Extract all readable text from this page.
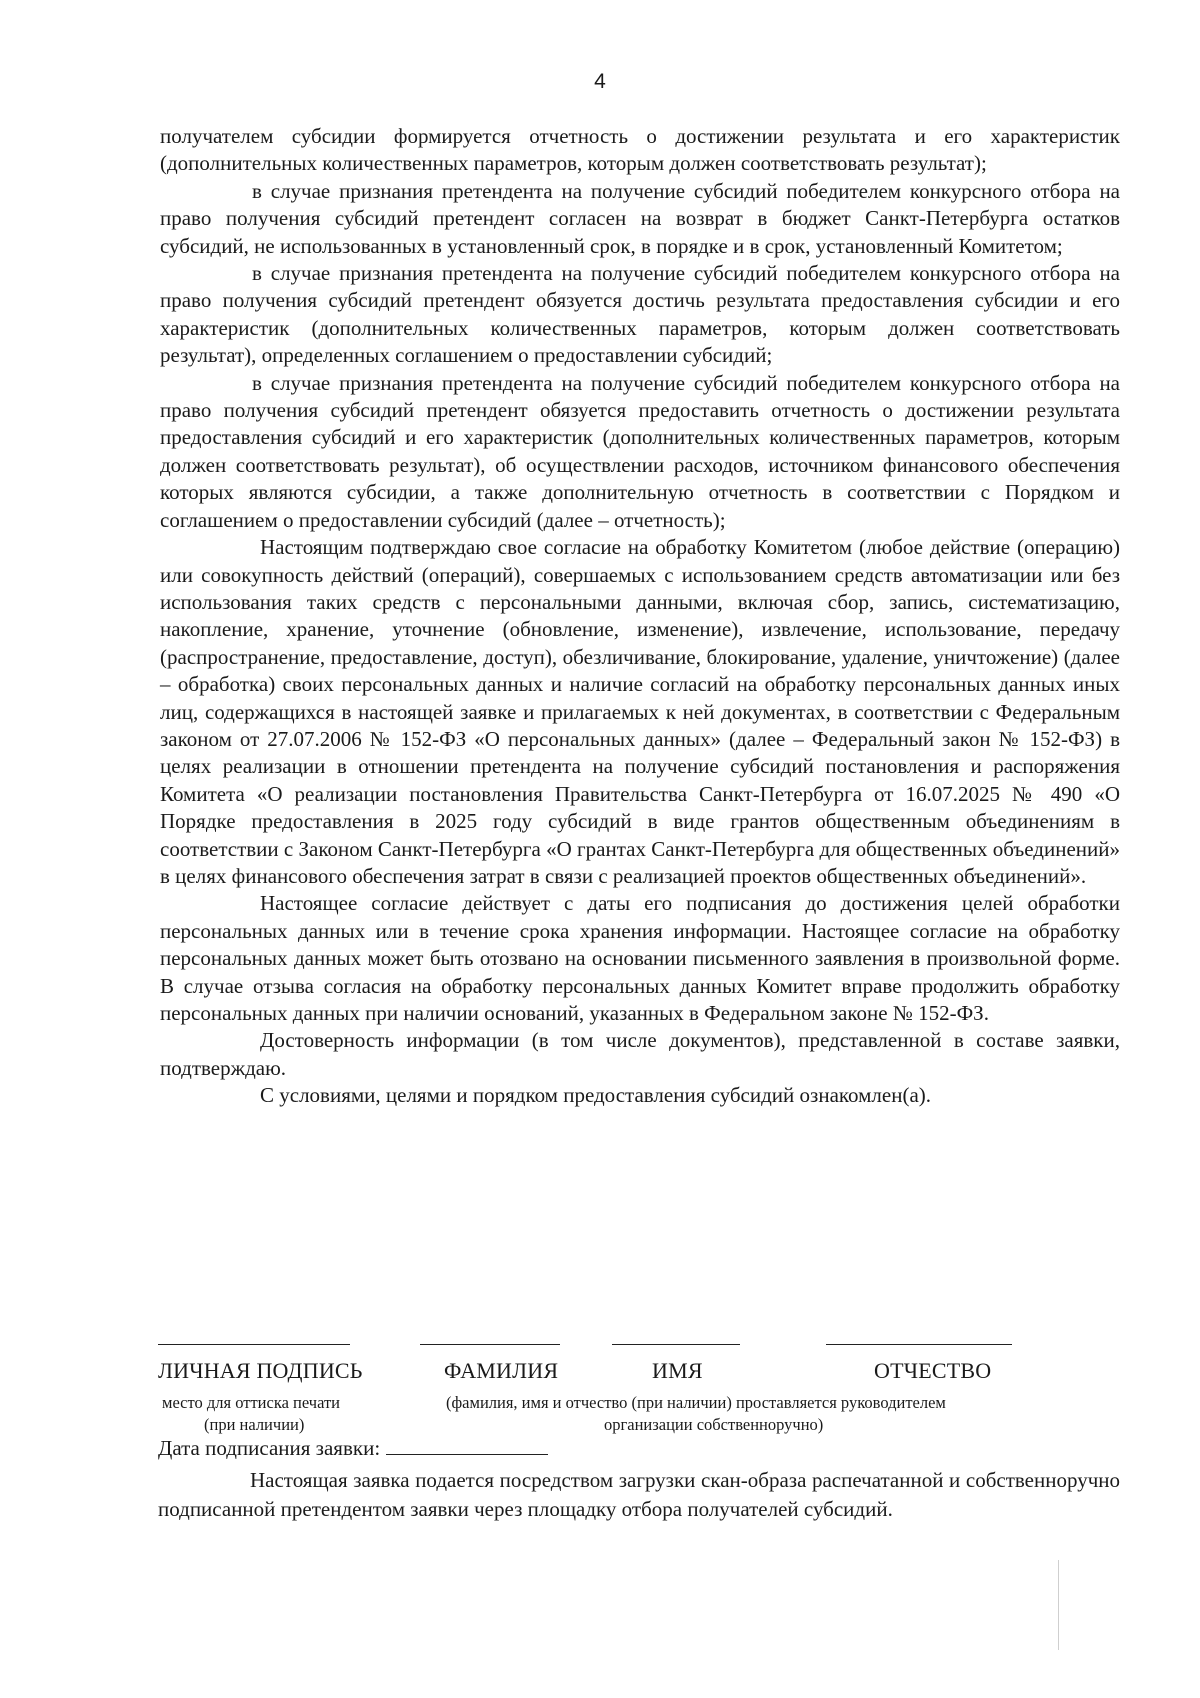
4

получателем субсидии формируется отчетность о достижении результата и его характеристик (дополнительных количественных параметров, которым должен соответствовать результат);

в случае признания претендента на получение субсидий победителем конкурсного отбора на право получения субсидий претендент согласен на возврат в бюджет Санкт-Петербурга остатков субсидий, не использованных в установленный срок, в порядке и в срок, установленный Комитетом;

в случае признания претендента на получение субсидий победителем конкурсного отбора на право получения субсидий претендент обязуется достичь результата предоставления субсидии и его характеристик (дополнительных количественных параметров, которым должен соответствовать результат), определенных соглашением о предоставлении субсидий;

в случае признания претендента на получение субсидий победителем конкурсного отбора на право получения субсидий претендент обязуется предоставить отчетность о достижении результата предоставления субсидий и его характеристик (дополнительных количественных параметров, которым должен соответствовать результат), об осуществлении расходов, источником финансового обеспечения которых являются субсидии, а также дополнительную отчетность в соответствии с Порядком и соглашением о предоставлении субсидий (далее – отчетность);

Настоящим подтверждаю свое согласие на обработку Комитетом (любое действие (операцию) или совокупность действий (операций), совершаемых с использованием средств автоматизации или без использования таких средств с персональными данными, включая сбор, запись, систематизацию, накопление, хранение, уточнение (обновление, изменение), извлечение, использование, передачу (распространение, предоставление, доступ), обезличивание, блокирование, удаление, уничтожение) (далее – обработка) своих персональных данных и наличие согласий на обработку персональных данных иных лиц, содержащихся в настоящей заявке и прилагаемых к ней документах, в соответствии с Федеральным законом от 27.07.2006 № 152-ФЗ «О персональных данных» (далее – Федеральный закон № 152-ФЗ) в целях реализации в отношении претендента на получение субсидий постановления и распоряжения Комитета «О реализации постановления Правительства Санкт-Петербурга от 16.07.2025 № 490 «О Порядке предоставления в 2025 году субсидий в виде грантов общественным объединениям в соответствии с Законом Санкт-Петербурга «О грантах Санкт-Петербурга для общественных объединений» в целях финансового обеспечения затрат в связи с реализацией проектов общественных объединений».

Настоящее согласие действует с даты его подписания до достижения целей обработки персональных данных или в течение срока хранения информации. Настоящее согласие на обработку персональных данных может быть отозвано на основании письменного заявления в произвольной форме. В случае отзыва согласия на обработку персональных данных Комитет вправе продолжить обработку персональных данных при наличии оснований, указанных в Федеральном законе № 152-ФЗ.

Достоверность информации (в том числе документов), представленной в составе заявки, подтверждаю.

С условиями, целями и порядком предоставления субсидий ознакомлен(а).

ЛИЧНАЯ ПОДПИСЬ	ФАМИЛИЯ	ИМЯ	ОТЧЕСТВО
место для оттиска печати
(при наличии)
(фамилия, имя и отчество (при наличии) проставляется руководителем
организации собственноручно)
Дата подписания заявки:

Настоящая заявка подается посредством загрузки скан-образа распечатанной и собственноручно подписанной претендентом заявки через площадку отбора получателей субсидий.
